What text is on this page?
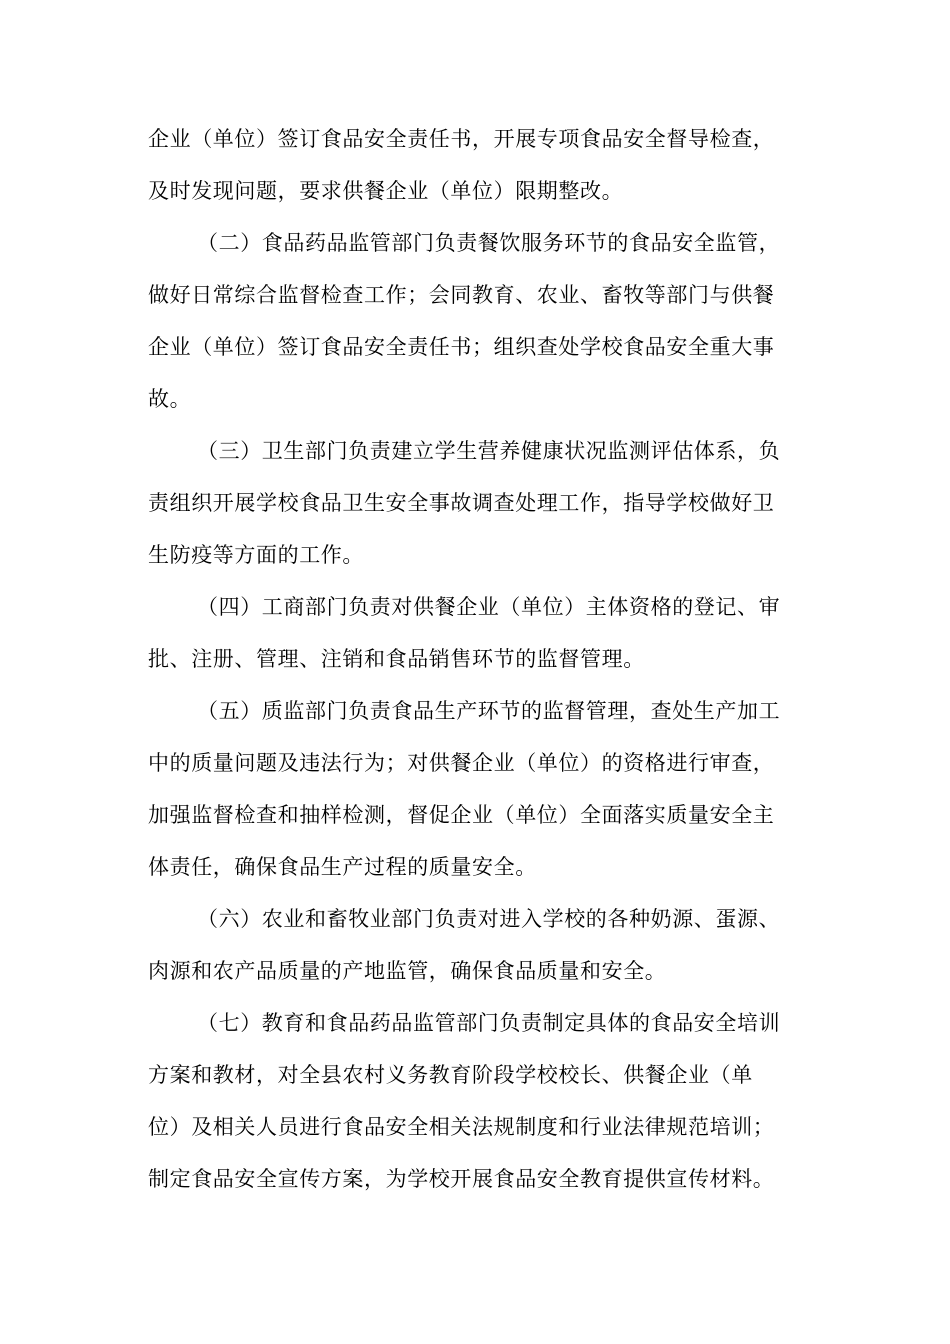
企业（单位）签订食品安全责任书，开展专项食品安全督导检查，
及时发现问题，要求供餐企业（单位）限期整改。
（二）食品药品监管部门负责餐饮服务环节的食品安全监管，
做好日常综合监督检查工作；会同教育、农业、畜牧等部门与供餐
企业（单位）签订食品安全责任书；组织查处学校食品安全重大事
故。
（三）卫生部门负责建立学生营养健康状况监测评估体系，负
责组织开展学校食品卫生安全事故调查处理工作，指导学校做好卫
生防疫等方面的工作。
（四）工商部门负责对供餐企业（单位）主体资格的登记、审
批、注册、管理、注销和食品销售环节的监督管理。
（五）质监部门负责食品生产环节的监督管理，查处生产加工
中的质量问题及违法行为；对供餐企业（单位）的资格进行审查，
加强监督检查和抽样检测，督促企业（单位）全面落实质量安全主
体责任，确保食品生产过程的质量安全。
（六）农业和畜牧业部门负责对进入学校的各种奶源、蛋源、
肉源和农产品质量的产地监管，确保食品质量和安全。
（七）教育和食品药品监管部门负责制定具体的食品安全培训
方案和教材，对全县农村义务教育阶段学校校长、供餐企业（单
位）及相关人员进行食品安全相关法规制度和行业法律规范培训；
制定食品安全宣传方案，为学校开展食品安全教育提供宣传材料。
